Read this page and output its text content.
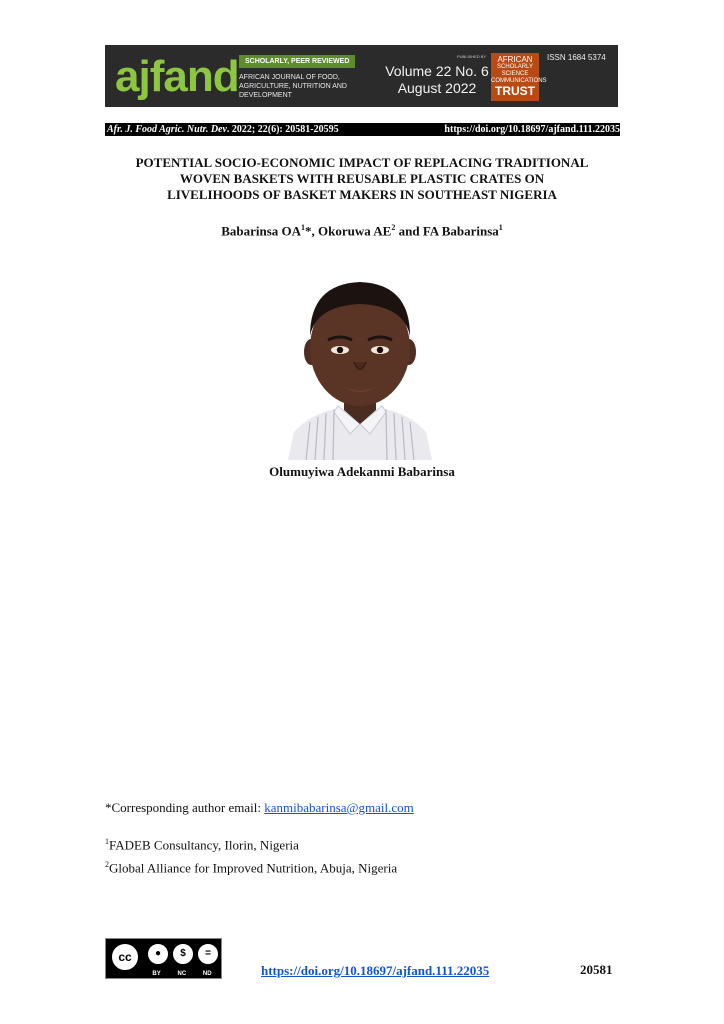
ajfand SCHOLARLY, PEER REVIEWED
AFRICAN JOURNAL OF FOOD, AGRICULTURE, NUTRITION AND DEVELOPMENT
Volume 22 No. 6
August 2022
PUBLISHED BY	AFRICAN
SCHOLARLY SCIENCE COMMUNICATIONS
TRUST
ISSN 1684 5374
Afr. J. Food Agric. Nutr. Dev. 2022; 22(6): 20581-20595	https://doi.org/10.18697/ajfand.111.22035
POTENTIAL SOCIO-ECONOMIC IMPACT OF REPLACING TRADITIONAL
WOVEN BASKETS WITH REUSABLE PLASTIC CRATES ON
LIVELIHOODS OF BASKET MAKERS IN SOUTHEAST NIGERIA
Babarinsa $OA^1*$, Okoruwa $AE^2$ and FA Babarinsa$^1$
Olumuyiwa Adekanmi Babarinsa
*Corresponding author email: kanmibabarinsa@gmail.com
$^1$FADEB Consultancy, Ilorin, Nigeria
$^2$Global Alliance for Improved Nutrition, Abuja, Nigeria
cc	●	$	=
BY	NC	ND	https://doi.org/10.18697/ajfand.111.22035	20581
